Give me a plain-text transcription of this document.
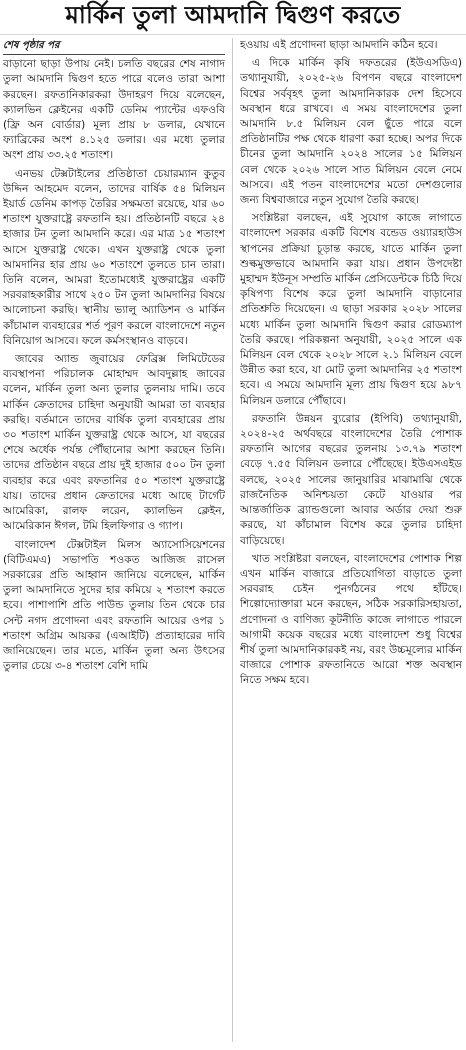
মার্কিন তুলা আমদানি দ্বিগুণ করতে
শেষ পৃষ্ঠার পর

বাড়ানো ছাড়া উপায় নেই। চলতি বছরের শেষ নাগাদ তুলা আমদানি দ্বিগুণ হতে পারে বলেও তারা আশা করছেন। রফতানিকারকরা উদাহরণ দিয়ে বলেছেন, ক্যালভিন ক্লেইনের একটি ডেনিম প্যান্টের এফওবি (ফ্রি অন বোর্ডার) মূল্য প্রায় ৮ ডলার, যেখানে ফ্যাব্রিকের অংশ ৪.১২৫ ডলার। এর মধ্যে তুলার অংশ প্রায় ৩৩.২৫ শতাংশ।

এনভয় টেক্সটাইলের প্রতিষ্ঠাতা চেয়ারম্যান কুতুব উদ্দিন আহমেদ বলেন, তাদের বার্ষিক ৫৪ মিলিয়ন ইয়ার্ড ডেনিম কাপড় তৈরির সক্ষমতা রয়েছে, যার ৬০ শতাংশ যুক্তরাষ্ট্রে রফতানি হয়। প্রতিষ্ঠানটি বছরে ২৪ হাজার টন তুলা আমদানি করে। এর মাত্র ১৫ শতাংশ আসে যুক্তরাষ্ট্র থেকে। এখন যুক্তরাষ্ট্র থেকে তুলা আমদানির হার প্রায় ৬০ শতাংশে তুলতে চান তারা। তিনি বলেন, আমরা ইতোমধ্যেই যুক্তরাষ্ট্রের একটি সরবরাহকারীর সাথে ২৫০ টন তুলা আমদানির বিষয়ে আলোচনা করছি। স্থানীয় ভ্যালু অ্যাডিশন ও মার্কিন কাঁচামাল ব্যবহারের শর্ত পূরণ করলে বাংলাদেশে নতুন বিনিয়োগ আসবে। ফলে কর্মসংস্থানও বাড়বে।

জাবের অ্যান্ড জুবায়ের ফেব্রিক্স লিমিটেডের ব্যবস্থাপনা পরিচালক মোহাম্মদ আবদুল্লাহ জাবের বলেন, মার্কিন তুলা অন্য তুলার তুলনায় দামি। তবে মার্কিন ক্রেতাদের চাহিদা অনুযায়ী আমরা তা ব্যবহার করছি। বর্তমানে তাদের বার্ষিক তুলা ব্যবহারের প্রায় ৩০ শতাংশ মার্কিন যুক্তরাষ্ট্র থেকে আসে, যা বছরের শেষে অর্ধেক পর্যন্ত পৌঁছানোর আশা করছেন তিনি। তাদের প্রতিষ্ঠান বছরে প্রায় দুই হাজার ৫০০ টন তুলা ব্যবহার করে এবং রফতানির ৫০ শতাংশ যুক্তরাষ্ট্রে যায়। তাদের প্রধান ক্রেতাদের মধ্যে আছে টার্গেট আমেরিকা, রালফ লরেন, ক্যালভিন ক্লেইন, আমেরিকান ঈগল, টমি হিলফিগার ও গ্যাপ।

বাংলাদেশ টেক্সটাইল মিলস অ্যাসোসিয়েশনের (বিটিএমএ) সভাপতি শওকত আজিজ রাসেল সরকারের প্রতি আহ্বান জানিয়ে বলেছেন, মার্কিন তুলা আমদানিতে সুদের হার কমিয়ে ২ শতাংশ করতে হবে। পাশাপাশি প্রতি পাউন্ড তুলায় তিন থেকে চার সেন্ট নগদ প্রণোদনা এবং রফতানি আয়ের ওপর ১ শতাংশ অগ্রিম আয়কর (এআইটি) প্রত্যাহারের দাবি জানিয়েছেন। তার মতে, মার্কিন তুলা অন্য উৎসের তুলার চেয়ে ৩-৪ শতাংশ বেশি দামি

হওয়ায় এই প্রণোদনা ছাড়া আমদানি কঠিন হবে।

এ দিকে মার্কিন কৃষি দফতরের (ইউএসডিএ) তথ্যানুযায়ী, ২০২৫-২৬ বিপণন বছরে বাংলাদেশ বিশ্বের সর্ববৃহৎ তুলা আমদানিকারক দেশ হিসেবে অবস্থান ধরে রাখবে। এ সময় বাংলাদেশের তুলা আমদানি ৮.৫ মিলিয়ন বেল ছুঁতে পারে বলে প্রতিষ্ঠানটির পক্ষ থেকে ধারণা করা হচ্ছে। অপর দিকে চীনের তুলা আমদানি ২০২৪ সালের ১৫ মিলিয়ন বেল থেকে ২০২৬ সালে সাত মিলিয়ন বেলে নেমে আসবে। এই পতন বাংলাদেশের মতো দেশগুলোর জন্য বিশ্ববাজারে নতুন সুযোগ তৈরি করছে।

সংশ্লিষ্টরা বলছেন, এই সুযোগ কাজে লাগাতে বাংলাদেশ সরকার একটি বিশেষ বন্ডেড ওয়্যারহাউস স্থাপনের প্রক্রিয়া চূড়ান্ত করছে, যাতে মার্কিন তুলা শুল্কমুক্তভাবে আমদানি করা যায়। প্রধান উপদেষ্টা মুহাম্মদ ইউনূস সম্প্রতি মার্কিন প্রেসিডেন্টকে চিঠি দিয়ে কৃষিপণ্য বিশেষ করে তুলা আমদানি বাড়ানোর প্রতিশ্রুতি দিয়েছেন। এ ছাড়া সরকার ২০২৮ সালের মধ্যে মার্কিন তুলা আমদানি দ্বিগুণ করার রোডম্যাপ তৈরি করছে। পরিকল্পনা অনুযায়ী, ২০২৫ সালে এক মিলিয়ন বেল থেকে ২০২৮ সালে ২.১ মিলিয়ন বেলে উন্নীত করা হবে, যা মোট তুলা আমদানির ২৫ শতাংশ হবে। এ সময়ে আমদানি মূল্য প্রায় দ্বিগুণ হয়ে ৯৮৭ মিলিয়ন ডলারে পৌঁছাবে।

রফতানি উন্নয়ন ব্যুরোর (ইপিবি) তথ্যানুযায়ী, ২০২৪-২৫ অর্থবছরে বাংলাদেশের তৈরি পোশাক রফতানি আগের বছরের তুলনায় ১৩.৭৯ শতাংশ বেড়ে ৭.৫৫ বিলিয়ন ডলারে পৌঁছেছে। ইউএসএইড বলছে, ২০২৫ সালের জানুয়ারির মাঝামাঝি থেকে রাজনৈতিক অনিশ্চয়তা কেটে যাওয়ার পর আন্তর্জাতিক ব্র্যান্ডগুলো আবার অর্ডার দেয়া শুরু করছে, যা কাঁচামাল বিশেষ করে তুলার চাহিদা বাড়িয়েছে।

খাত সংশ্লিষ্টরা বলছেন, বাংলাদেশের পোশাক শিল্প এখন মার্কিন বাজারে প্রতিযোগিতা বাড়াতে তুলা সরবরাহ চেইন পুনর্গঠনের পথে হাঁটছে। শিল্পোদ্যোক্তারা মনে করছেন, সঠিক সরকারিসহায়তা, প্রণোদনা ও বাণিজ্য কূটনীতি কাজে লাগাতে পারলে আগামী কয়েক বছরের মধ্যে বাংলাদেশ শুধু বিশ্বের শীর্ষ তুলা আমদানিকারকই নয়, বরং উচ্চমূল্যের মার্কিন বাজারে পোশাক রফতানিতে আরো শক্ত অবস্থান নিতে সক্ষম হবে।
